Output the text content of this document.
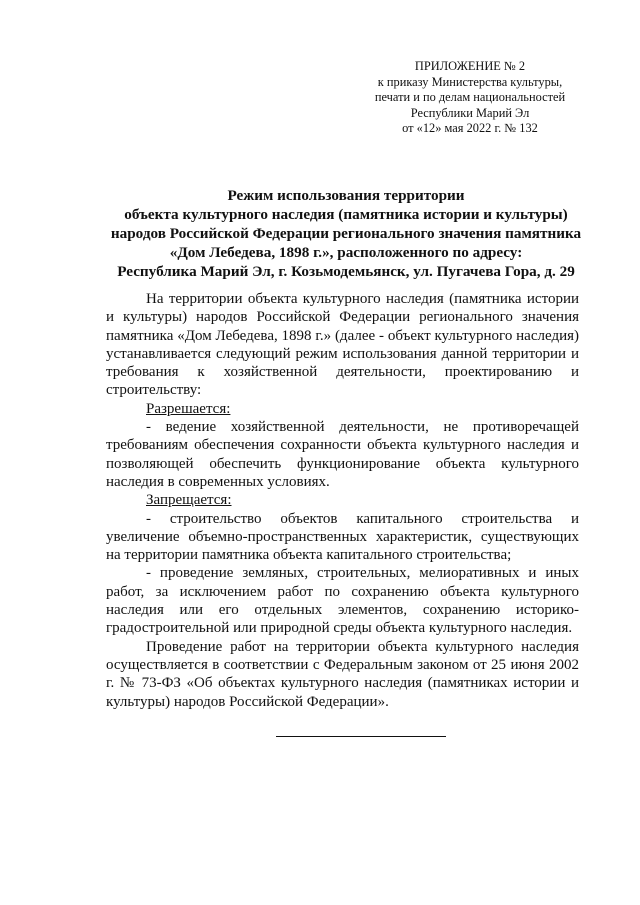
ПРИЛОЖЕНИЕ № 2
к приказу Министерства культуры,
печати и по делам национальностей
Республики Марий Эл
от «12» мая 2022 г. № 132
Режим использования территории
объекта культурного наследия (памятника истории и культуры)
народов Российской Федерации регионального значения памятника
«Дом Лебедева, 1898 г.», расположенного по адресу:
Республика Марий Эл, г. Козьмодемьянск, ул. Пугачева Гора, д. 29

На территории объекта культурного наследия (памятника истории и культуры) народов Российской Федерации регионального значения памятника «Дом Лебедева, 1898 г.» (далее - объект культурного наследия) устанавливается следующий режим использования данной территории и требования к хозяйственной деятельности, проектированию и строительству:

Разрешается:

- ведение хозяйственной деятельности, не противоречащей требованиям обеспечения сохранности объекта культурного наследия и позволяющей обеспечить функционирование объекта культурного наследия в современных условиях.

Запрещается:

- строительство объектов капитального строительства и увеличение объемно-пространственных характеристик, существующих на территории памятника объекта капитального строительства;

- проведение земляных, строительных, мелиоративных и иных работ, за исключением работ по сохранению объекта культурного наследия или его отдельных элементов, сохранению историко-градостроительной или природной среды объекта культурного наследия.

Проведение работ на территории объекта культурного наследия осуществляется в соответствии с Федеральным законом от 25 июня 2002 г. № 73-ФЗ «Об объектах культурного наследия (памятниках истории и культуры) народов Российской Федерации».
